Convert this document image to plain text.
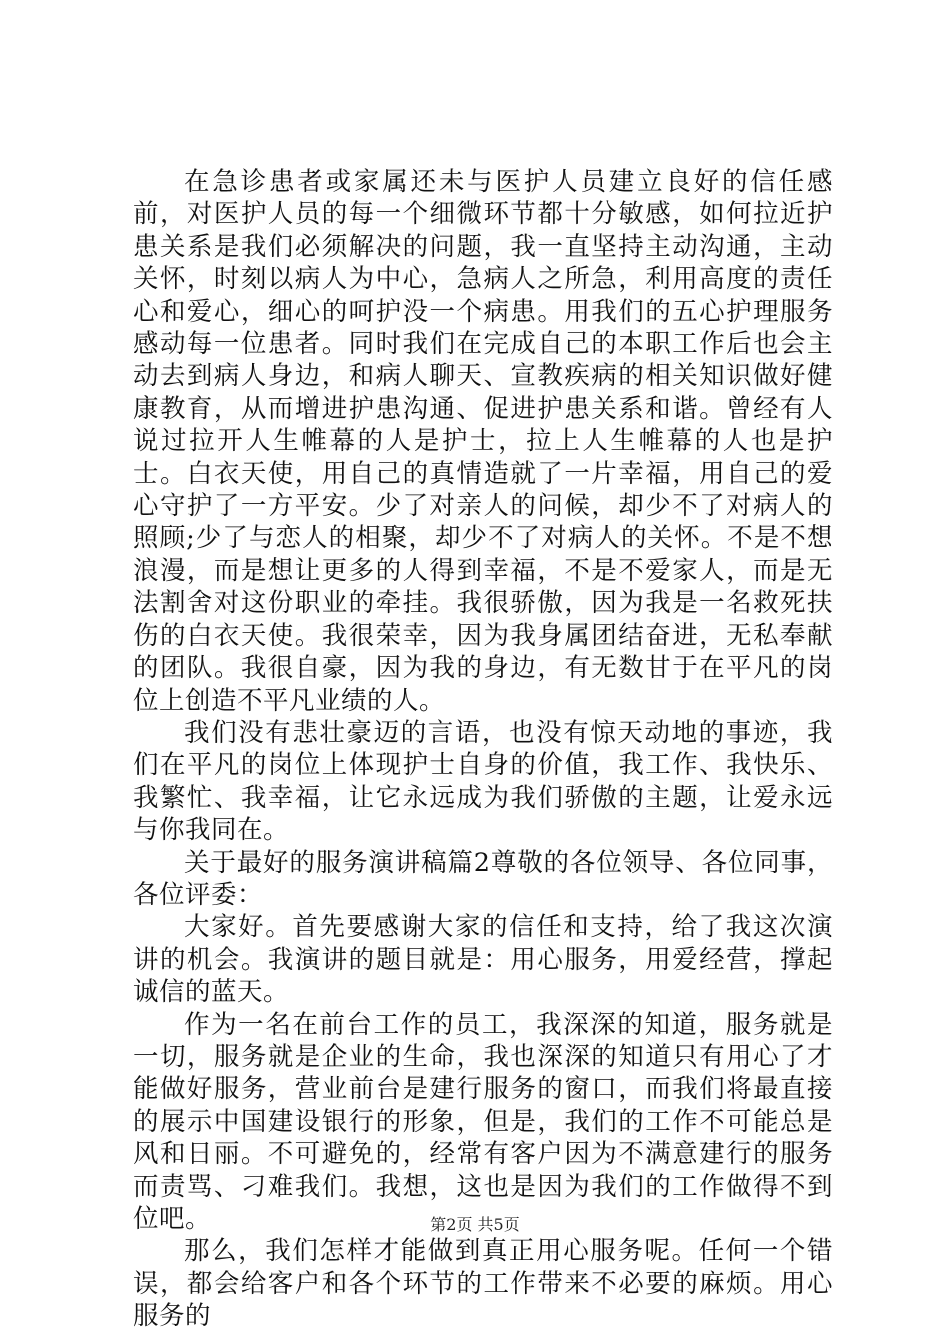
在急诊患者或家属还未与医护人员建立良好的信任感前，对医护人员的每一个细微环节都十分敏感，如何拉近护患关系是我们必须解决的问题，我一直坚持主动沟通，主动关怀，时刻以病人为中心，急病人之所急，利用高度的责任心和爱心，细心的呵护没一个病患。用我们的五心护理服务感动每一位患者。同时我们在完成自己的本职工作后也会主动去到病人身边，和病人聊天、宣教疾病的相关知识做好健康教育，从而增进护患沟通、促进护患关系和谐。曾经有人说过拉开人生帷幕的人是护士，拉上人生帷幕的人也是护士。白衣天使，用自己的真情造就了一片幸福，用自己的爱心守护了一方平安。少了对亲人的问候，却少不了对病人的照顾;少了与恋人的相聚，却少不了对病人的关怀。不是不想浪漫，而是想让更多的人得到幸福，不是不爱家人，而是无法割舍对这份职业的牵挂。我很骄傲，因为我是一名救死扶伤的白衣天使。我很荣幸，因为我身属团结奋进，无私奉献的团队。我很自豪，因为我的身边，有无数甘于在平凡的岗位上创造不平凡业绩的人。

我们没有悲壮豪迈的言语，也没有惊天动地的事迹，我们在平凡的岗位上体现护士自身的价值，我工作、我快乐、我繁忙、我幸福，让它永远成为我们骄傲的主题，让爱永远与你我同在。

关于最好的服务演讲稿篇2尊敬的各位领导、各位同事，各位评委：

大家好。首先要感谢大家的信任和支持，给了我这次演讲的机会。我演讲的题目就是：用心服务，用爱经营，撑起诚信的蓝天。

作为一名在前台工作的员工，我深深的知道，服务就是一切，服务就是企业的生命，我也深深的知道只有用心了才能做好服务，营业前台是建行服务的窗口，而我们将最直接的展示中国建设银行的形象，但是，我们的工作不可能总是风和日丽。不可避免的，经常有客户因为不满意建行的服务而责骂、刁难我们。我想，这也是因为我们的工作做得不到位吧。

那么，我们怎样才能做到真正用心服务呢。任何一个错误，都会给客户和各个环节的工作带来不必要的麻烦。用心服务的

第2页 共5页
